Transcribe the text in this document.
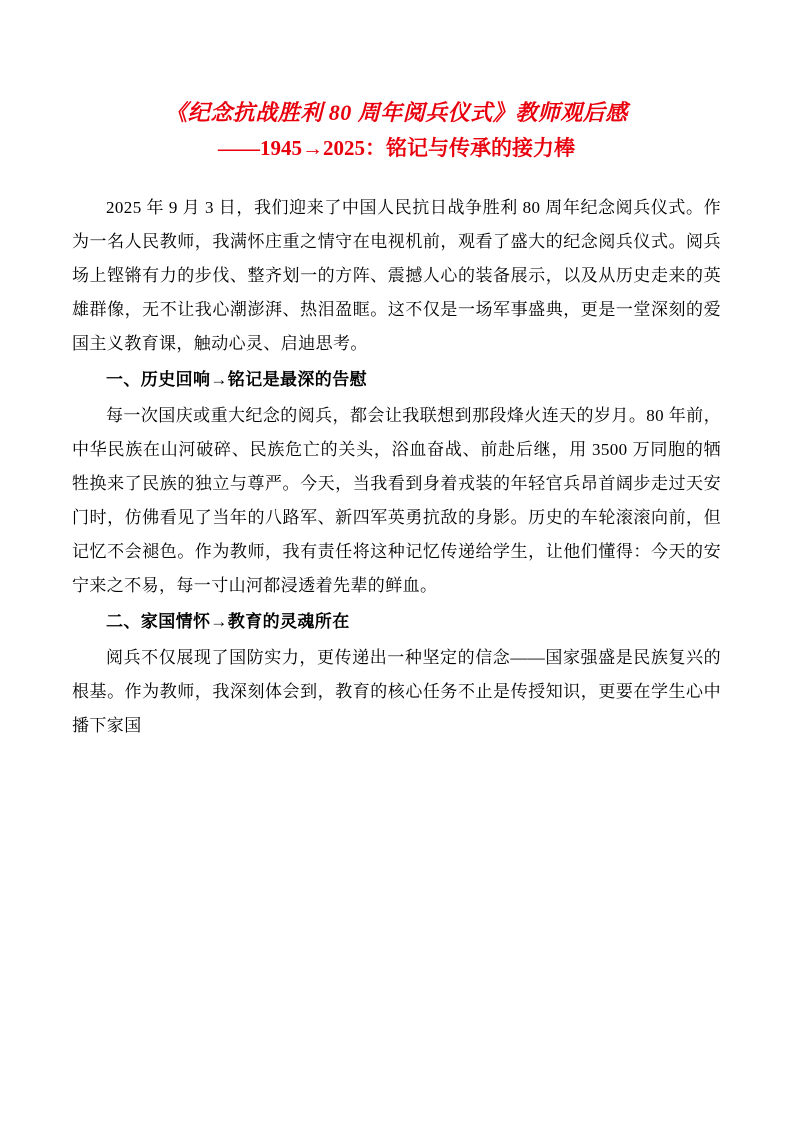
《纪念抗战胜利 80 周年阅兵仪式》教师观后感
——1945→2025：铭记与传承的接力棒

2025 年 9 月 3 日，我们迎来了中国人民抗日战争胜利 80 周年纪念阅兵仪式。作为一名人民教师，我满怀庄重之情守在电视机前，观看了盛大的纪念阅兵仪式。阅兵场上铿锵有力的步伐、整齐划一的方阵、震撼人心的装备展示，以及从历史走来的英雄群像，无不让我心潮澎湃、热泪盈眶。这不仅是一场军事盛典，更是一堂深刻的爱国主义教育课，触动心灵、启迪思考。

一、历史回响→铭记是最深的告慰

每一次国庆或重大纪念的阅兵，都会让我联想到那段烽火连天的岁月。80 年前，中华民族在山河破碎、民族危亡的关头，浴血奋战、前赴后继，用 3500 万同胞的牺牲换来了民族的独立与尊严。今天，当我看到身着戎装的年轻官兵昂首阔步走过天安门时，仿佛看见了当年的八路军、新四军英勇抗敌的身影。历史的车轮滚滚向前，但记忆不会褪色。作为教师，我有责任将这种记忆传递给学生，让他们懂得：今天的安宁来之不易，每一寸山河都浸透着先辈的鲜血。

二、家国情怀→教育的灵魂所在

阅兵不仅展现了国防实力，更传递出一种坚定的信念——国家强盛是民族复兴的根基。作为教师，我深刻体会到，教育的核心任务不止是传授知识，更要在学生心中播下家国
